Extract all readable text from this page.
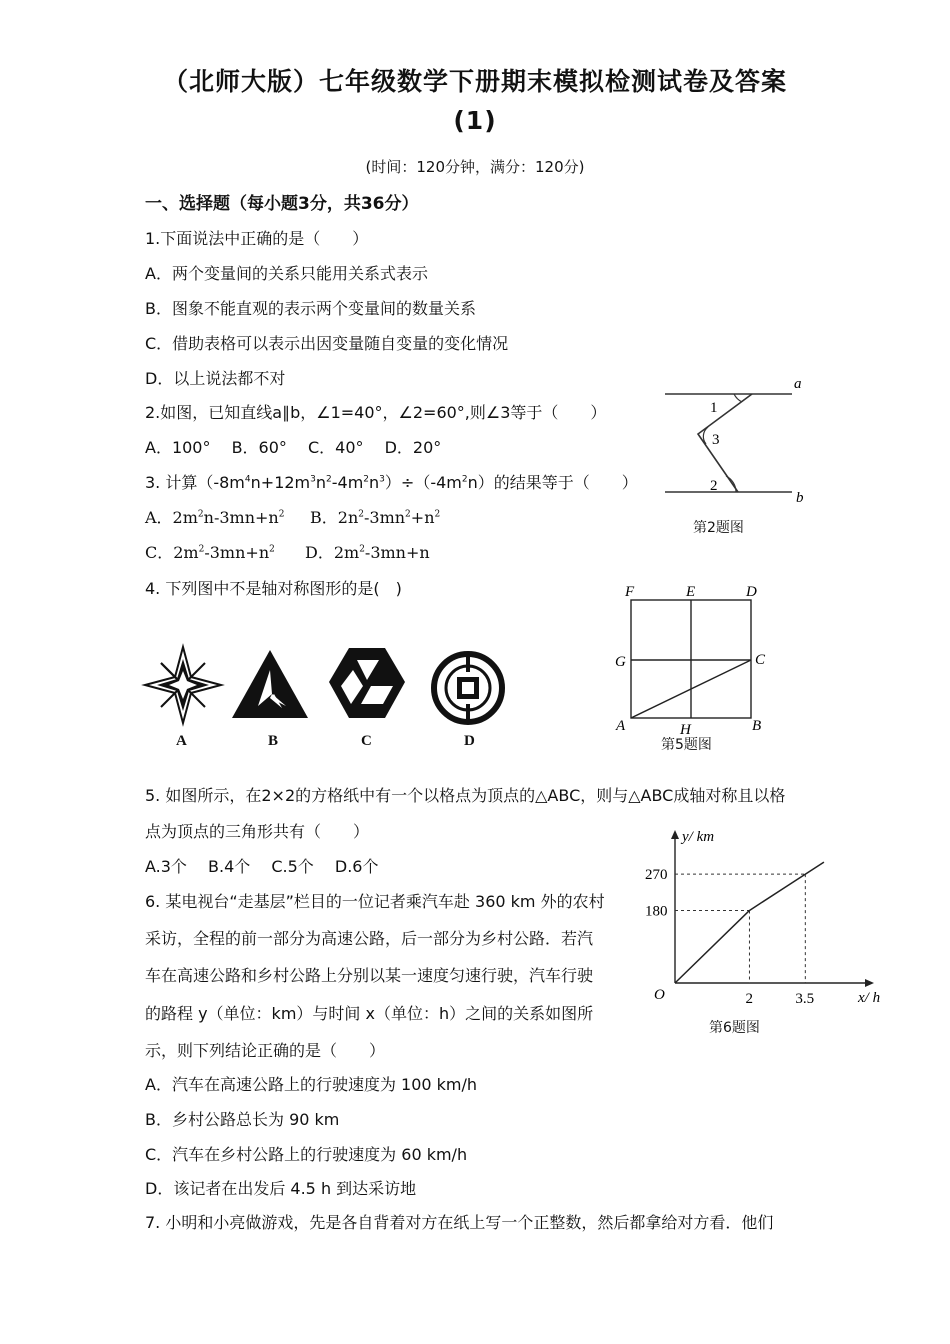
（北师大版）七年级数学下册期末模拟检测试卷及答案
(1)
(时间：120分钟，满分：120分)
一、选择题（每小题3分，共36分）
1.下面说法中正确的是（　　）
A．两个变量间的关系只能用关系式表示
B．图象不能直观的表示两个变量间的数量关系
C．借助表格可以表示出因变量随自变量的变化情况
D．以上说法都不对
2.如图，已知直线a∥b，∠1=40°，∠2=60°,则∠3等于（　　）
A．100°　 B．60°　 C．40°　 D．20°
a
b
1
2
3
第2题图
3. 计算$(-8m^4n+12m^3n^2-4m^2n^3)\div(-4m^2n)$的结果等于（　　）
A．$2m^2n-3mn+n^2$ B．$2n^2-3mn^2+n^2$
C．$2m^2-3mn+n^2$ D．$2m^2-3mn+n$
4. 下列图中不是轴对称图形的是(　)
A	B	C	D
F	E	D
G	C
A	H	B
第5题图
5. 如图所示，在2×2的方格纸中有一个以格点为顶点的△ABC，则与△ABC成轴对称且以格
点为顶点的三角形共有（　　）
A.3个　 B.4个　 C.5个　 D.6个
6. 某电视台“走基层”栏目的一位记者乘汽车赴 360 km 外的农村
采访，全程的前一部分为高速公路，后一部分为乡村公路．若汽
车在高速公路和乡村公路上分别以某一速度匀速行驶，汽车行驶
的路程 y（单位：km）与时间 x（单位：h）之间的关系如图所
示，则下列结论正确的是（　　）
A．汽车在高速公路上的行驶速度为 100 km/h
B．乡村公路总长为 90 km
C．汽车在乡村公路上的行驶速度为 60 km/h
D．该记者在出发后 4.5 h 到达采访地
y/ km
x/ h
O	2	3.5
180
270
第6题图
7. 小明和小亮做游戏，先是各自背着对方在纸上写一个正整数，然后都拿给对方看．他们
